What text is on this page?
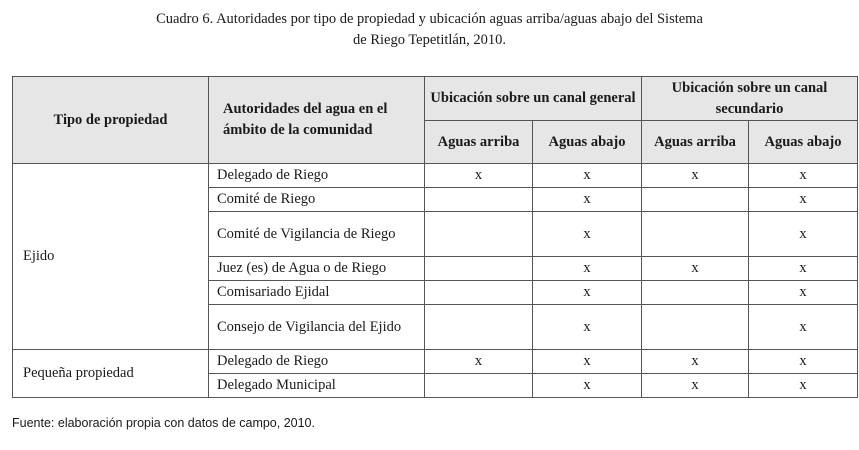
Cuadro 6. Autoridades por tipo de propiedad y ubicación aguas arriba/aguas abajo del Sistema
de Riego Tepetitlán, 2010.
Tipo de propiedad	Autoridades del agua en el ámbito de la comunidad	Ubicación sobre un canal general		Ubicación sobre un canal secundario	
		Aguas arriba	Aguas abajo	Aguas arriba	Aguas abajo
Ejido	Delegado de Riego	x	x	x	x
	Comité de Riego		x		x
	Comité de Vigilancia de Riego		x		x
	Juez (es) de Agua o de Riego		x	x	x
	Comisariado Ejidal		x		x
	Consejo de Vigilancia del Ejido		x		x
Pequeña propiedad	Delegado de Riego	x	x	x	x
	Delegado Municipal		x	x	x
Fuente: elaboración propia con datos de campo, 2010.
